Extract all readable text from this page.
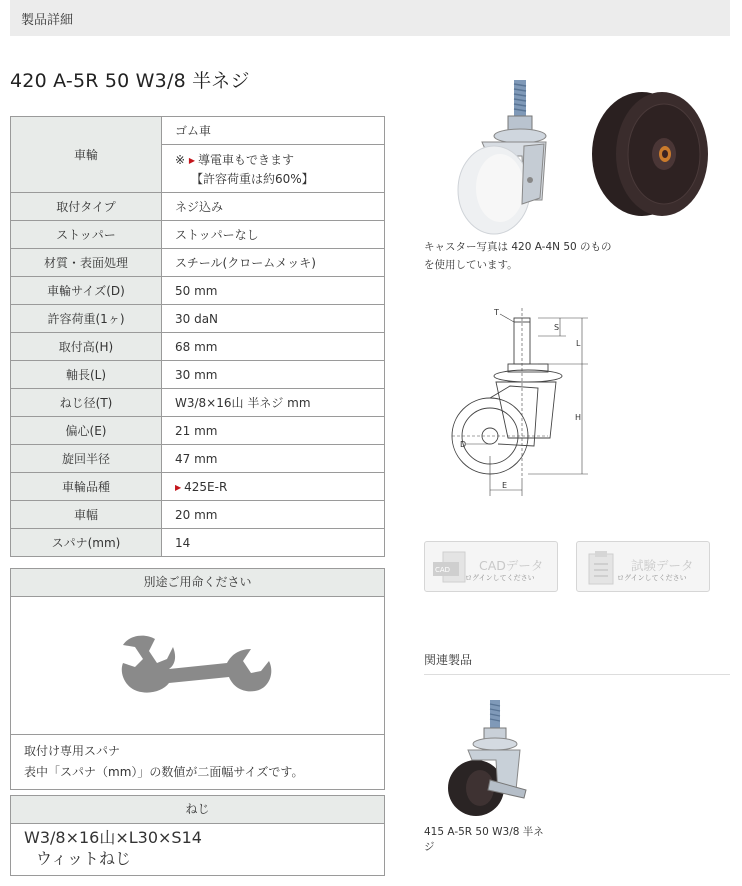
製品詳細
420 A-5R 50 W3/8 半ネジ
車輪	ゴム車

	※ ▶ 導電車もできます
【許容荷重は約60%】

取付タイプ	ネジ込み
ストッパー	ストッパーなし
材質・表面処理	スチール(クロームメッキ)
車輪サイズ(D)	50 mm
許容荷重(1ヶ)	30 daN
取付高(H)	68 mm
軸長(L)	30 mm
ねじ径(T)	W3/8×16山 半ネジ mm
偏心(E)	21 mm
旋回半径	47 mm
車輪品種	▶ 425E-R
車幅	20 mm
スパナ(mm)	14
別途ご用命ください
取付け専用スパナ
表中「スパナ（mm）」の数値が二面幅サイズです。
ねじ
W3/8×16山×L30×S14
ウィットねじ
キャスター写真は 420 A-4N 50 のものを使用しています。
T
S
L
H
D
E
CAD CADデータ
ログインしてください
試験データ
ログインしてください
関連製品
415 A-5R 50 W3/8 半ネジ
